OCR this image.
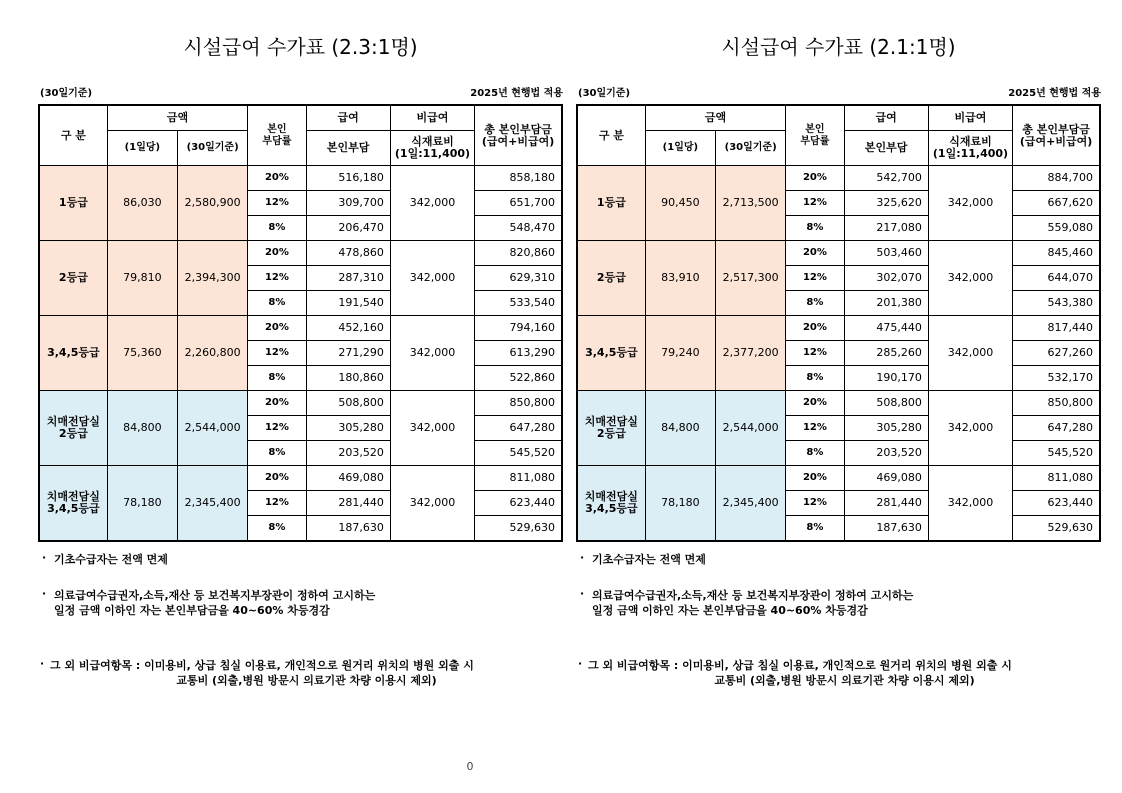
시설급여 수가표 (2.3:1명)
(30일기준)	2025년 현행법 적용
구 분	금액		본인
부담률	급여	비급여	총 본인부담금
(급여+비급여)
	(1일당)	(30일기준)		본인부담	식재료비
(1일:11,400)	
1등급	86,030	2,580,900	20%	516,180	342,000	858,180
			12%	309,700		651,700
			8%	206,470		548,470
2등급	79,810	2,394,300	20%	478,860	342,000	820,860
			12%	287,310		629,310
			8%	191,540		533,540
3,4,5등급	75,360	2,260,800	20%	452,160	342,000	794,160
			12%	271,290		613,290
			8%	180,860		522,860
치매전담실
2등급	84,800	2,544,000	20%	508,800	342,000	850,800
			12%	305,280		647,280
			8%	203,520		545,520
치매전담실
3,4,5등급	78,180	2,345,400	20%	469,080	342,000	811,080
			12%	281,440		623,440
			8%	187,630		529,630
· 기초수급자는 전액 면제
· 의료급여수급권자,소득,재산 등 보건복지부장관이 정하여 고시하는
일정 금액 이하인 자는 본인부담금을 40~60% 차등경감
· 그 외 비급여항목 : 이미용비, 상급 침실 이용료, 개인적으로 원거리 위치의 병원 외출 시
교통비 (외출,병원 방문시 의료기관 차량 이용시 제외)
시설급여 수가표 (2.1:1명)
(30일기준)	2025년 현행법 적용
구 분	금액		본인
부담률	급여	비급여	총 본인부담금
(급여+비급여)
	(1일당)	(30일기준)		본인부담	식재료비
(1일:11,400)	
1등급	90,450	2,713,500	20%	542,700	342,000	884,700
			12%	325,620		667,620
			8%	217,080		559,080
2등급	83,910	2,517,300	20%	503,460	342,000	845,460
			12%	302,070		644,070
			8%	201,380		543,380
3,4,5등급	79,240	2,377,200	20%	475,440	342,000	817,440
			12%	285,260		627,260
			8%	190,170		532,170
치매전담실
2등급	84,800	2,544,000	20%	508,800	342,000	850,800
			12%	305,280		647,280
			8%	203,520		545,520
치매전담실
3,4,5등급	78,180	2,345,400	20%	469,080	342,000	811,080
			12%	281,440		623,440
			8%	187,630		529,630
· 기초수급자는 전액 면제
· 의료급여수급권자,소득,재산 등 보건복지부장관이 정하여 고시하는
일정 금액 이하인 자는 본인부담금을 40~60% 차등경감
· 그 외 비급여항목 : 이미용비, 상급 침실 이용료, 개인적으로 원거리 위치의 병원 외출 시
교통비 (외출,병원 방문시 의료기관 차량 이용시 제외)
0
